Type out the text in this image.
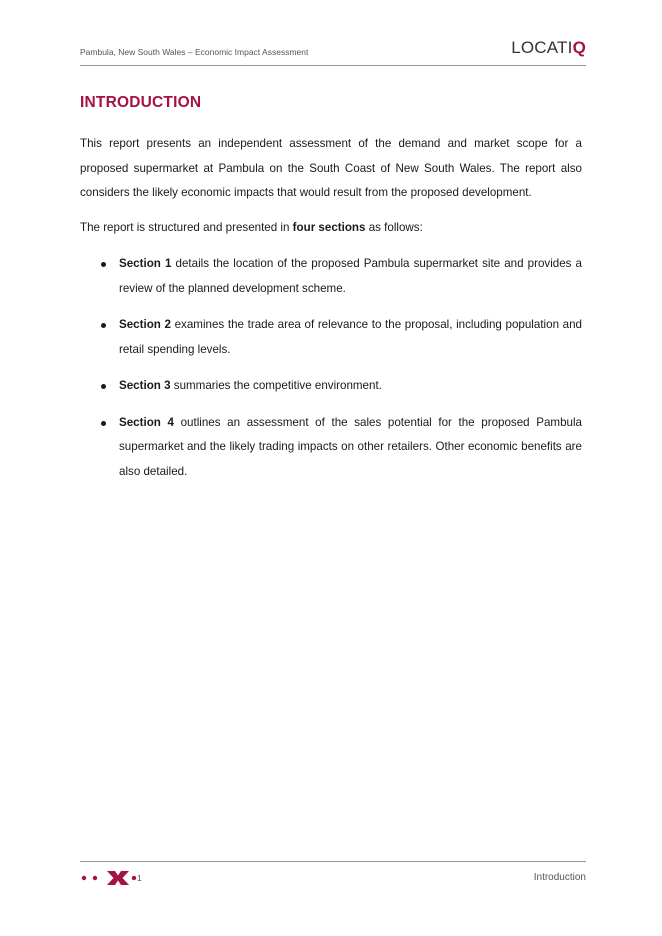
Pambula, New South Wales – Economic Impact Assessment	LOCATIQ
INTRODUCTION

This report presents an independent assessment of the demand and market scope for a proposed supermarket at Pambula on the South Coast of New South Wales. The report also considers the likely economic impacts that would result from the proposed development.

The report is structured and presented in four sections as follows:

Section 1 details the location of the proposed Pambula supermarket site and provides a review of the planned development scheme.
Section 2 examines the trade area of relevance to the proposal, including population and retail spending levels.
Section 3 summaries the competitive environment.
Section 4 outlines an assessment of the sales potential for the proposed Pambula supermarket and the likely trading impacts on other retailers. Other economic benefits are also detailed.
1	Introduction
